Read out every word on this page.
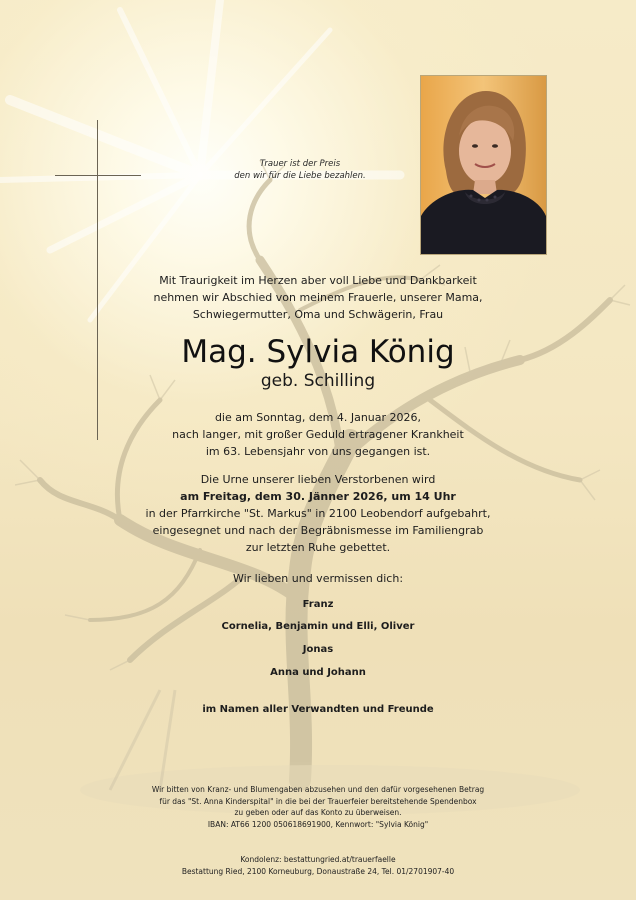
Trauer ist der Preis
den wir für die Liebe bezahlen.
Mit Traurigkeit im Herzen aber voll Liebe und Dankbarkeit
nehmen wir Abschied von meinem Frauerle, unserer Mama,
Schwiegermutter, Oma und Schwägerin, Frau
Mag. Sylvia König
geb. Schilling
die am Sonntag, dem 4. Januar 2026,
nach langer, mit großer Geduld ertragener Krankheit
im 63. Lebensjahr von uns gegangen ist.
Die Urne unserer lieben Verstorbenen wird
am Freitag, dem 30. Jänner 2026, um 14 Uhr
in der Pfarrkirche "St. Markus" in 2100 Leobendorf aufgebahrt,
eingesegnet und nach der Begräbnismesse im Familiengrab
zur letzten Ruhe gebettet.
Wir lieben und vermissen dich:
Franz
Cornelia, Benjamin und Elli, Oliver
Jonas
Anna und Johann
im Namen aller Verwandten und Freunde
Wir bitten von Kranz- und Blumengaben abzusehen und den dafür vorgesehenen Betrag
für das "St. Anna Kinderspital" in die bei der Trauerfeier bereitstehende Spendenbox
zu geben oder auf das Konto zu überweisen.
IBAN: AT66 1200 050618691900, Kennwort: "Sylvia König"
Kondolenz: bestattungried.at/trauerfaelle
Bestattung Ried, 2100 Korneuburg, Donaustraße 24, Tel. 01/2701907-40
